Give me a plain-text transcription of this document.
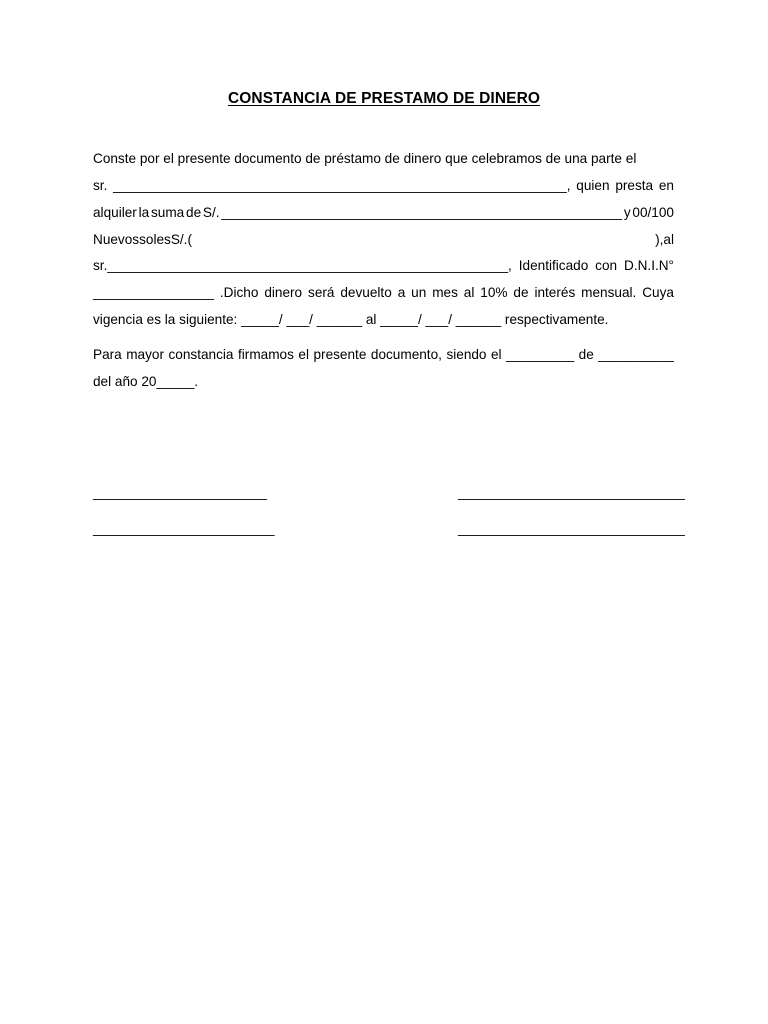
CONSTANCIA DE PRESTAMO DE DINERO
Conste por el presente documento de préstamo de dinero que celebramos de una parte el
sr. ____________________________________________________________, quien presta en
alquiler la suma de S/. _____________________________________________________ y 00/100
Nuevos soles S/. (	), al
sr._____________________________________________________, Identificado con D.N.I.N°
________________ .Dicho dinero será devuelto a un mes al 10% de interés mensual. Cuya
vigencia es la siguiente: _____/ ___/ ______ al _____/ ___/ ______ respectivamente.
Para mayor constancia firmamos el presente documento, siendo el _________ de __________
del año 20_____.
_______________________	______________________________
________________________	______________________________
